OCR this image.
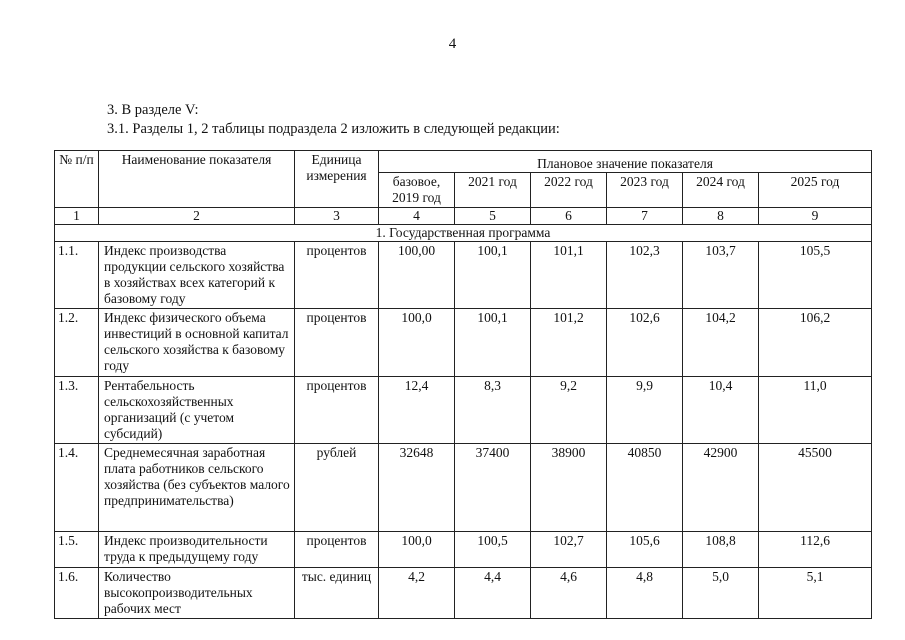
4
3. В разделе V:
3.1. Разделы 1, 2 таблицы подраздела 2 изложить в следующей редакции:
№ п/п	Наименование показателя	Единица измерения	Плановое значение показателя					
			базовое, 2019 год	2021 год	2022 год	2023 год	2024 год	2025 год
1	2	3	4	5	6	7	8	9
1. Государственная программа								
1.1.	Индекс производства продукции сельского хозяйства в хозяйствах всех категорий к базовому году	процентов	100,00	100,1	101,1	102,3	103,7	105,5
1.2.	Индекс физического объема инвестиций в основной капитал сельского хозяйства к базовому году	процентов	100,0	100,1	101,2	102,6	104,2	106,2
1.3.	Рентабельность сельскохозяйственных организаций (с учетом субсидий)	процентов	12,4	8,3	9,2	9,9	10,4	11,0
1.4.	Среднемесячная заработная плата работников сельского хозяйства (без субъектов малого предпринимательства)	рублей	32648	37400	38900	40850	42900	45500
1.5.	Индекс производительности труда к предыдущему году	процентов	100,0	100,5	102,7	105,6	108,8	112,6
1.6.	Количество высокопроизводительных рабочих мест	тыс. единиц	4,2	4,4	4,6	4,8	5,0	5,1
